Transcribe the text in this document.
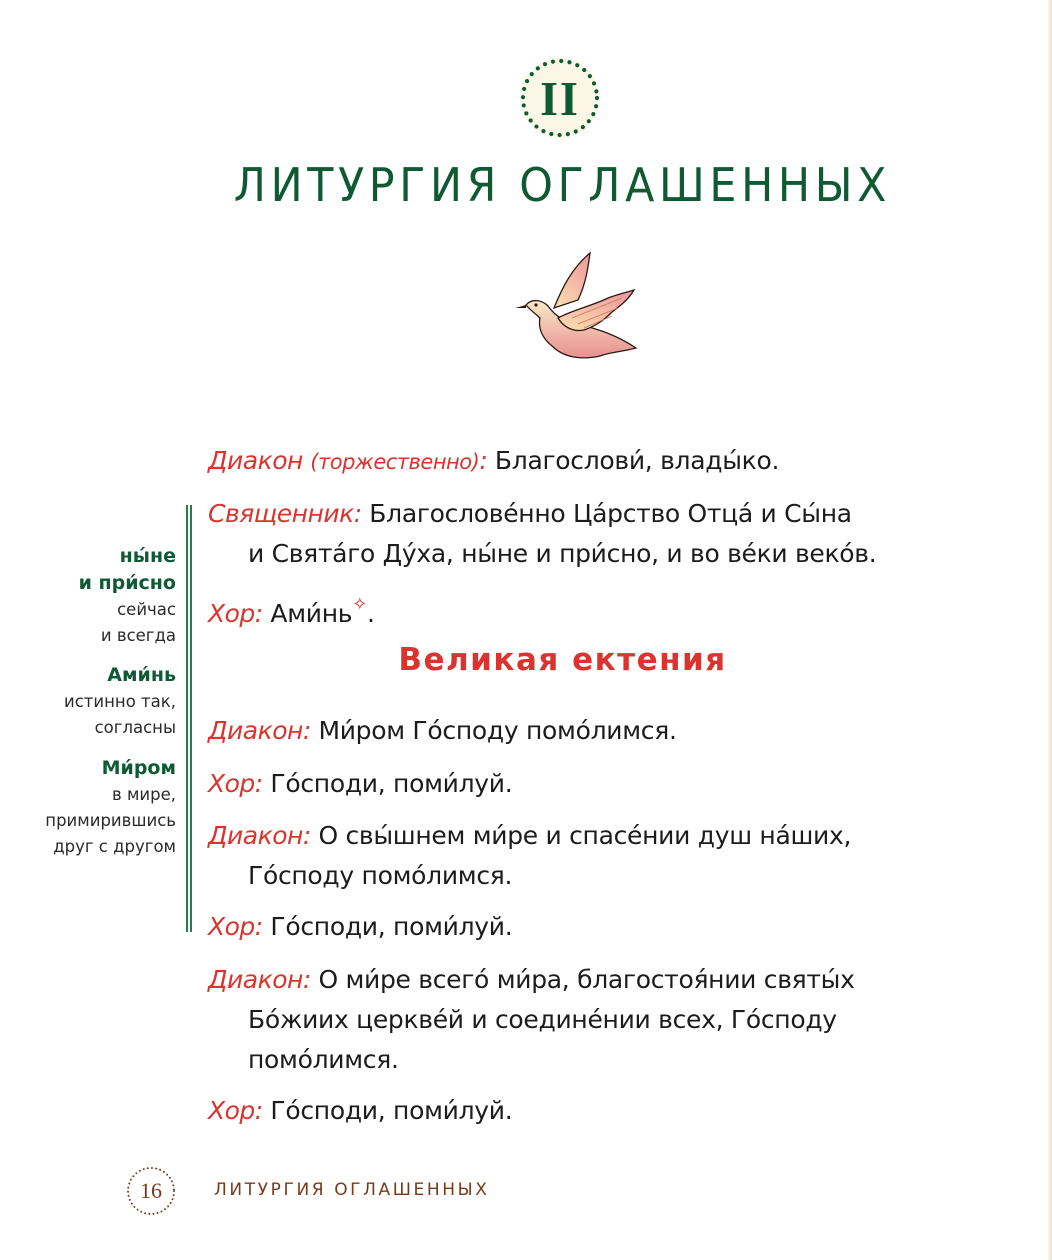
II
ЛИТУРГИЯ ОГЛАШЕННЫХ
ны́не
и при́сно
сейчас
и всегда
Ами́нь
истинно так,
согласны
Ми́ром
в мире,
примирившись
друг с другом
Диакон (торжественно): Благослови́, влады́ко.
Священник: Благослове́нно Ца́рство Отца́ и Сы́на
и Свята́го Ду́ха, ны́не и при́сно, и во ве́ки веко́в.
Хор: Ами́нь✧.
Великая ектения
Диакон: Ми́ром Го́споду помо́лимся.
Хор: Го́споди, поми́луй.
Диакон: О свы́шнем ми́ре и спасе́нии душ на́ших,
Го́споду помо́лимся.
Хор: Го́споди, поми́луй.
Диакон: О ми́ре всего́ ми́ра, благостоя́нии святы́х
Бо́жиих церкве́й и соедине́нии всех, Го́споду
помо́лимся.
Хор: Го́споди, поми́луй.
16	ЛИТУРГИЯ ОГЛАШЕННЫХ
